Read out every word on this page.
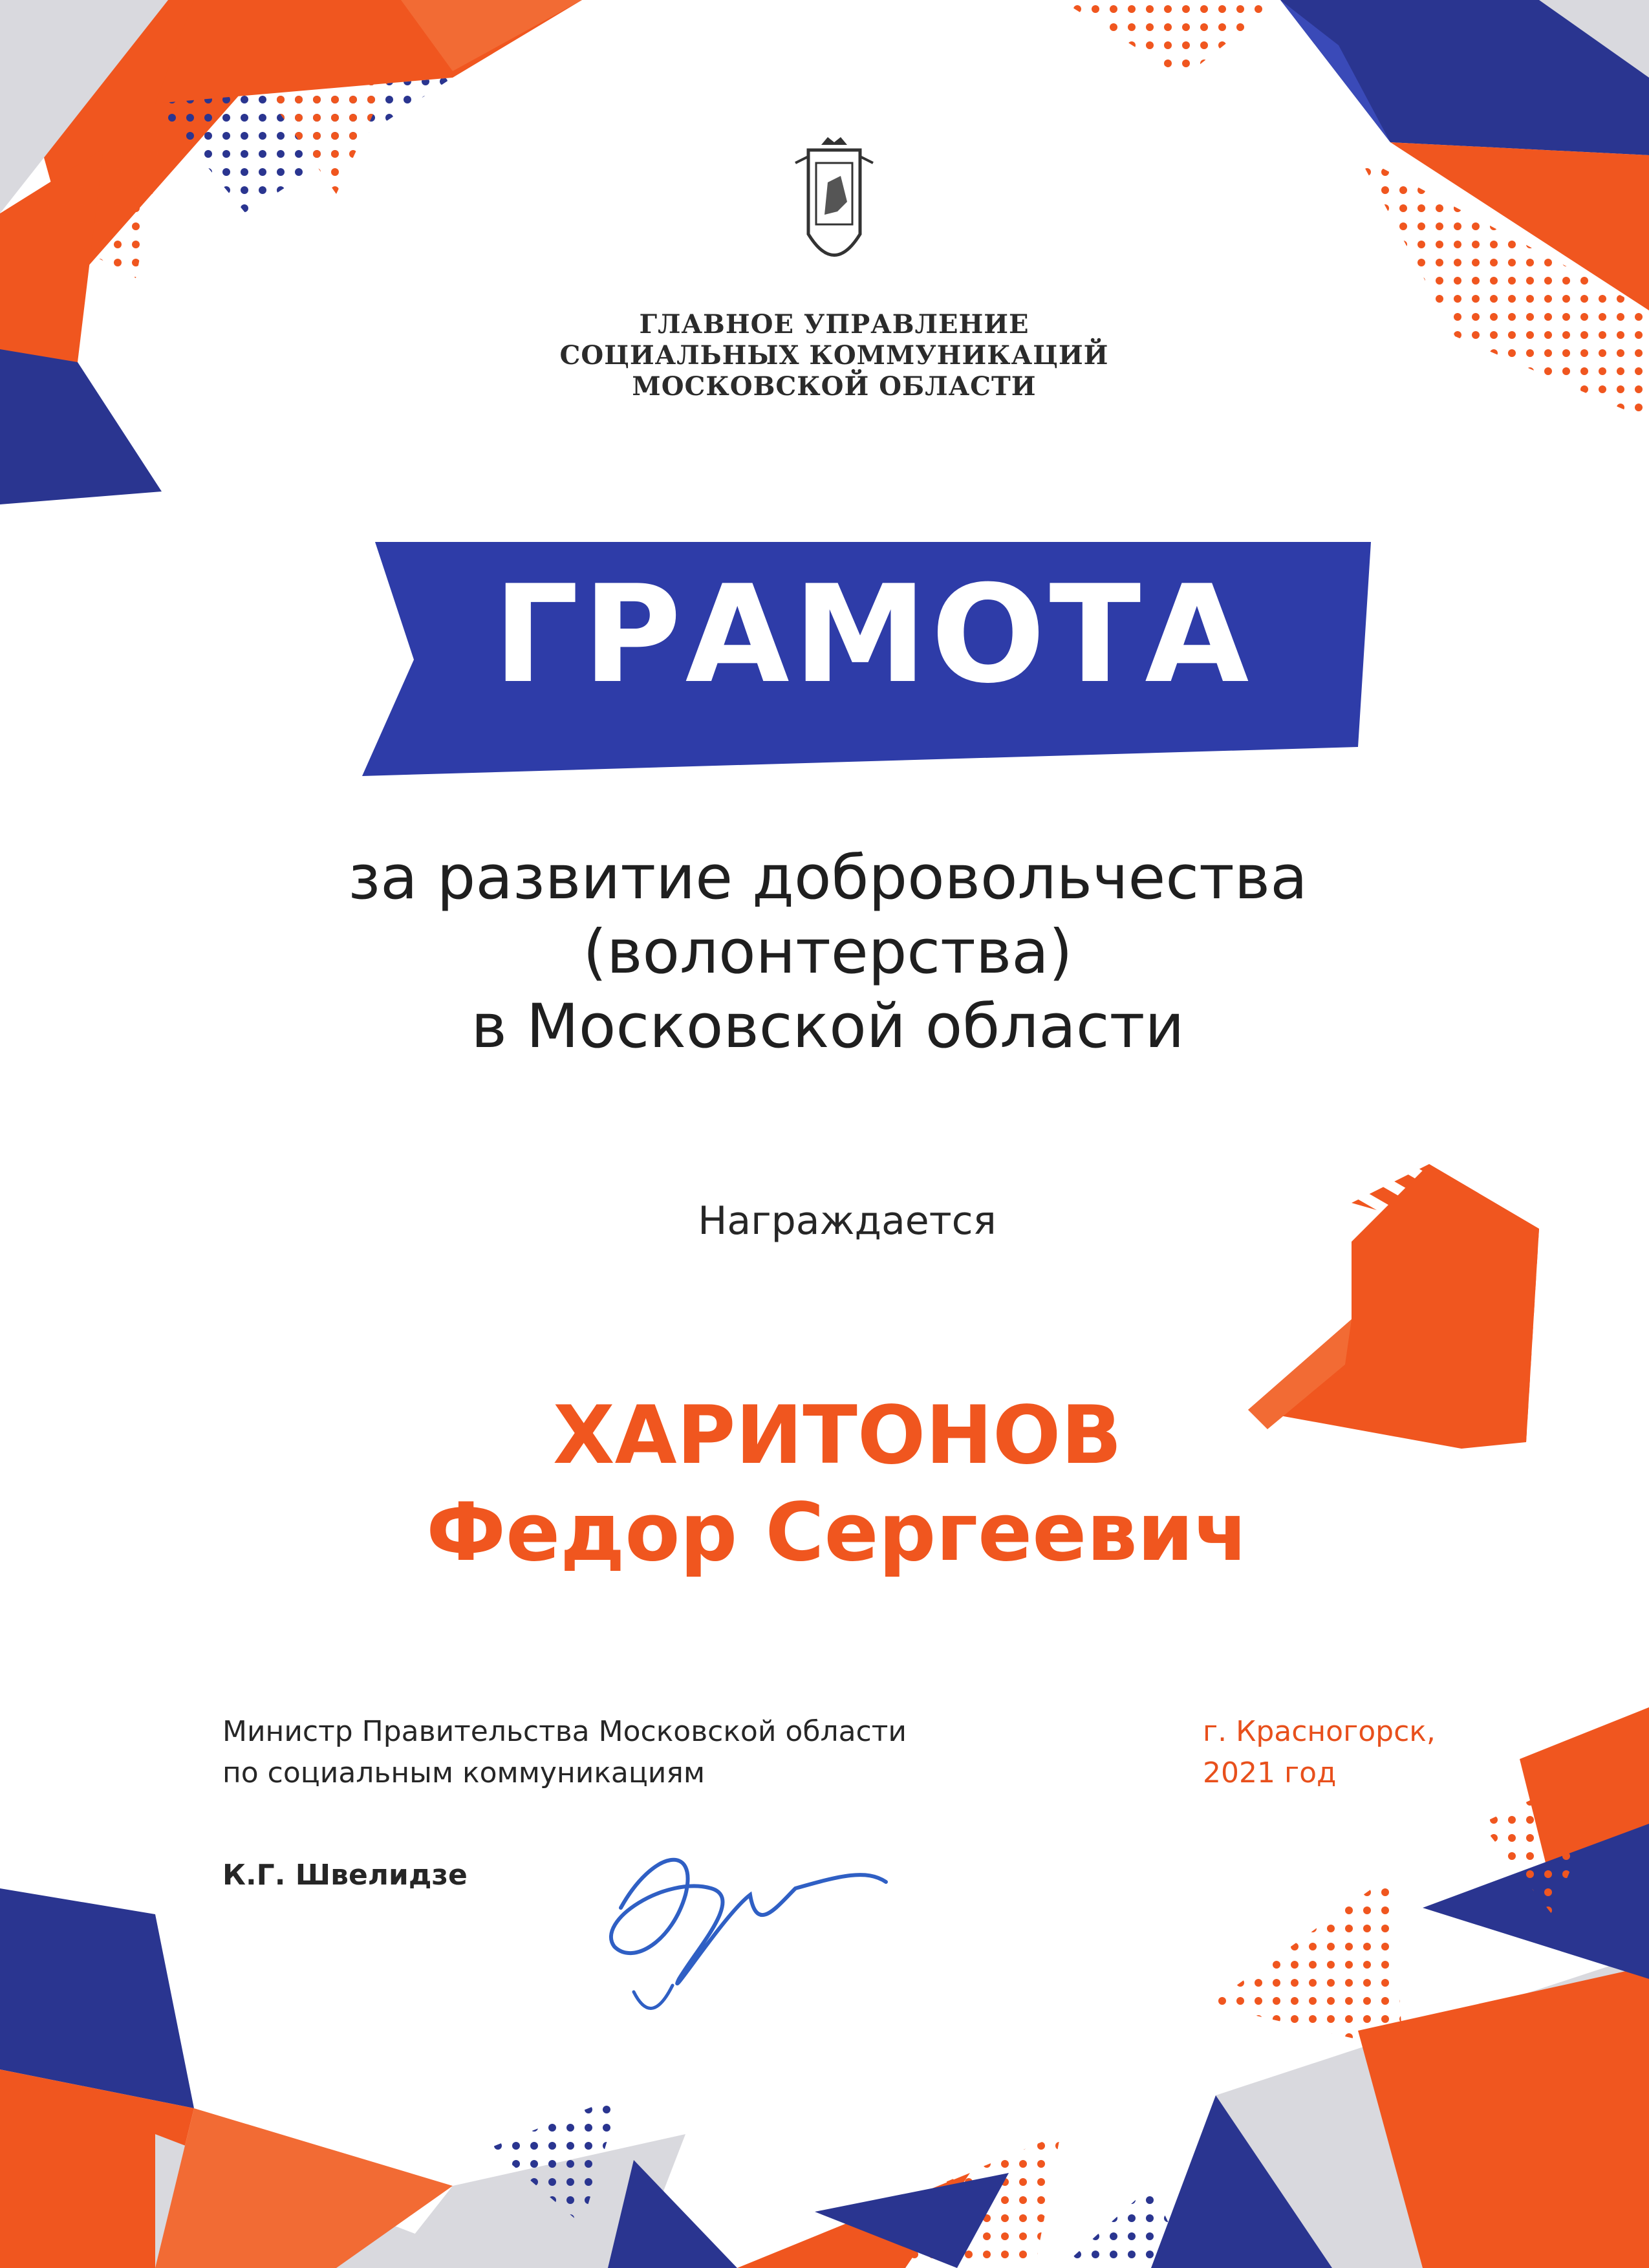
ГЛАВНОЕ УПРАВЛЕНИЕ
СОЦИАЛЬНЫХ КОММУНИКАЦИЙ
МОСКОВСКОЙ ОБЛАСТИ
ГРАМОТА
за развитие добровольчества
(волонтерства)
в Московской области
Награждается
ХАРИТОНОВ
Федор Сергеевич
Министр Правительства Московской области
по социальным коммуникациям
г. Красногорск,
2021 год
К.Г. Швелидзе
